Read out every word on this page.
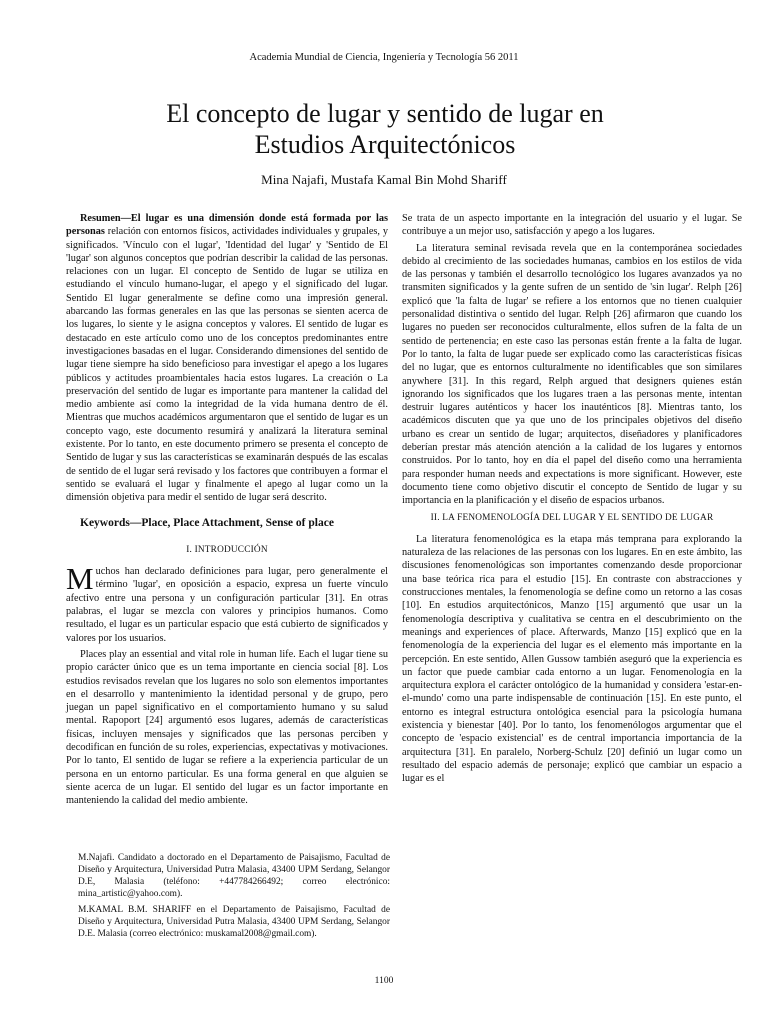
Academia Mundial de Ciencia, Ingeniería y Tecnología 56 2011
El concepto de lugar y sentido de lugar en
Estudios Arquitectónicos
Mina Najafi, Mustafa Kamal Bin Mohd Shariff

Resumen—El lugar es una dimensión donde está formada por las personas relación con entornos físicos, actividades individuales y grupales, y significados. 'Vínculo con el lugar', 'Identidad del lugar' y 'Sentido de El 'lugar' son algunos conceptos que podrían describir la calidad de las personas. relaciones con un lugar. El concepto de Sentido de lugar se utiliza en estudiando el vínculo humano-lugar, el apego y el significado del lugar. Sentido El lugar generalmente se define como una impresión general. abarcando las formas generales en las que las personas se sienten acerca de los lugares, lo siente y le asigna conceptos y valores. El sentido de lugar es destacado en este artículo como uno de los conceptos predominantes entre investigaciones basadas en el lugar. Considerando dimensiones del sentido de lugar tiene siempre ha sido beneficioso para investigar el apego a los lugares públicos y actitudes proambientales hacia estos lugares. La creación o La preservación del sentido de lugar es importante para mantener la calidad del medio ambiente así como la integridad de la vida humana dentro de él. Mientras que muchos académicos argumentaron que el sentido de lugar es un concepto vago, este documento resumirá y analizará la literatura seminal existente. Por lo tanto, en este documento primero se presenta el concepto de Sentido de lugar y sus las características se examinarán después de las escalas de sentido de el lugar será revisado y los factores que contribuyen a formar el sentido se evaluará el lugar y finalmente el apego al lugar como un la dimensión objetiva para medir el sentido de lugar será descrito.

Keywords—Place, Place Attachment, Sense of place

I. INTRODUCCIÓN

Muchos han declarado definiciones para lugar, pero generalmente el término 'lugar', en oposición a espacio, expresa un fuerte vínculo afectivo entre una persona y un configuración particular [31]. En otras palabras, el lugar se mezcla con valores y principios humanos. Como resultado, el lugar es un particular espacio que está cubierto de significados y valores por los usuarios.

Places play an essential and vital role in human life. Each el lugar tiene su propio carácter único que es un tema importante en ciencia social [8]. Los estudios revisados revelan que los lugares no solo son elementos importantes en el desarrollo y mantenimiento la identidad personal y de grupo, pero juegan un papel significativo en el comportamiento humano y su salud mental. Rapoport [24] argumentó esos lugares, además de características físicas, incluyen mensajes y significados que las personas perciben y decodifican en función de su roles, experiencias, expectativas y motivaciones. Por lo tanto, El sentido de lugar se refiere a la experiencia particular de un persona en un entorno particular. Es una forma general en que alguien se siente acerca de un lugar. El sentido del lugar es un factor importante en manteniendo la calidad del medio ambiente.

M.Najafi. Candidato a doctorado en el Departamento de Paisajismo, Facultad de Diseño y Arquitectura, Universidad Putra Malasia, 43400 UPM Serdang, Selangor D.E, Malasia (teléfono: +447784266492; correo electrónico: mina_artistic@yahoo.com).

M.KAMAL B.M. SHARIFF en el Departamento de Paisajismo, Facultad de Diseño y Arquitectura, Universidad Putra Malasia, 43400 UPM Serdang, Selangor D.E. Malasia (correo electrónico: muskamal2008@gmail.com).

Se trata de un aspecto importante en la integración del usuario y el lugar. Se contribuye a un mejor uso, satisfacción y apego a los lugares.

La literatura seminal revisada revela que en la contemporánea sociedades debido al crecimiento de las sociedades humanas, cambios en los estilos de vida de las personas y también el desarrollo tecnológico los lugares avanzados ya no transmiten significados y la gente sufren de un sentido de 'sin lugar'. Relph [26] explicó que 'la falta de lugar' se refiere a los entornos que no tienen cualquier personalidad distintiva o sentido del lugar. Relph [26] afirmaron que cuando los lugares no pueden ser reconocidos culturalmente, ellos sufren de la falta de un sentido de pertenencia; en este caso las personas están frente a la falta de lugar. Por lo tanto, la falta de lugar puede ser explicado como las características físicas del no lugar, que es entornos culturalmente no identificables que son similares anywhere [31]. In this regard, Relph argued that designers quienes están ignorando los significados que los lugares traen a las personas mente, intentan destruir lugares auténticos y hacer los inauténticos [8]. Mientras tanto, los académicos discuten que ya que uno de los principales objetivos del diseño urbano es crear un sentido de lugar; arquitectos, diseñadores y planificadores deberían prestar más atención atención a la calidad de los lugares y entornos construidos. Por lo tanto, hoy en día el papel del diseño como una herramienta para responder human needs and expectations is more significant. However, este documento tiene como objetivo discutir el concepto de Sentido de lugar y su importancia en la planificación y el diseño de espacios urbanos.

II. LA FENOMENOLOGÍA DEL LUGAR Y EL SENTIDO DE LUGAR

La literatura fenomenológica es la etapa más temprana para explorando la naturaleza de las relaciones de las personas con los lugares. En en este ámbito, las discusiones fenomenológicas son importantes comenzando desde proporcionar una base teórica rica para el estudio [15]. En contraste con abstracciones y construcciones mentales, la fenomenología se define como un retorno a las cosas [10]. En estudios arquitectónicos, Manzo [15] argumentó que usar un la fenomenología descriptiva y cualitativa se centra en el descubrimiento on the meanings and experiences of place. Afterwards, Manzo [15] explicó que en la fenomenología de la experiencia del lugar es el elemento más importante en la percepción. En este sentido, Allen Gussow también aseguró que la experiencia es un factor que puede cambiar cada entorno a un lugar. Fenomenología en la arquitectura explora el carácter ontológico de la humanidad y considera 'estar-en-el-mundo' como una parte indispensable de continuación [15]. En este punto, el entorno es integral estructura ontológica esencial para la psicología humana existencia y bienestar [40]. Por lo tanto, los fenomenólogos argumentar que el concepto de 'espacio existencial' es de central importancia importancia de la arquitectura [31]. En paralelo, Norberg-Schulz [20] definió un lugar como un resultado del espacio además de personaje; explicó que cambiar un espacio a lugar es el

1100
